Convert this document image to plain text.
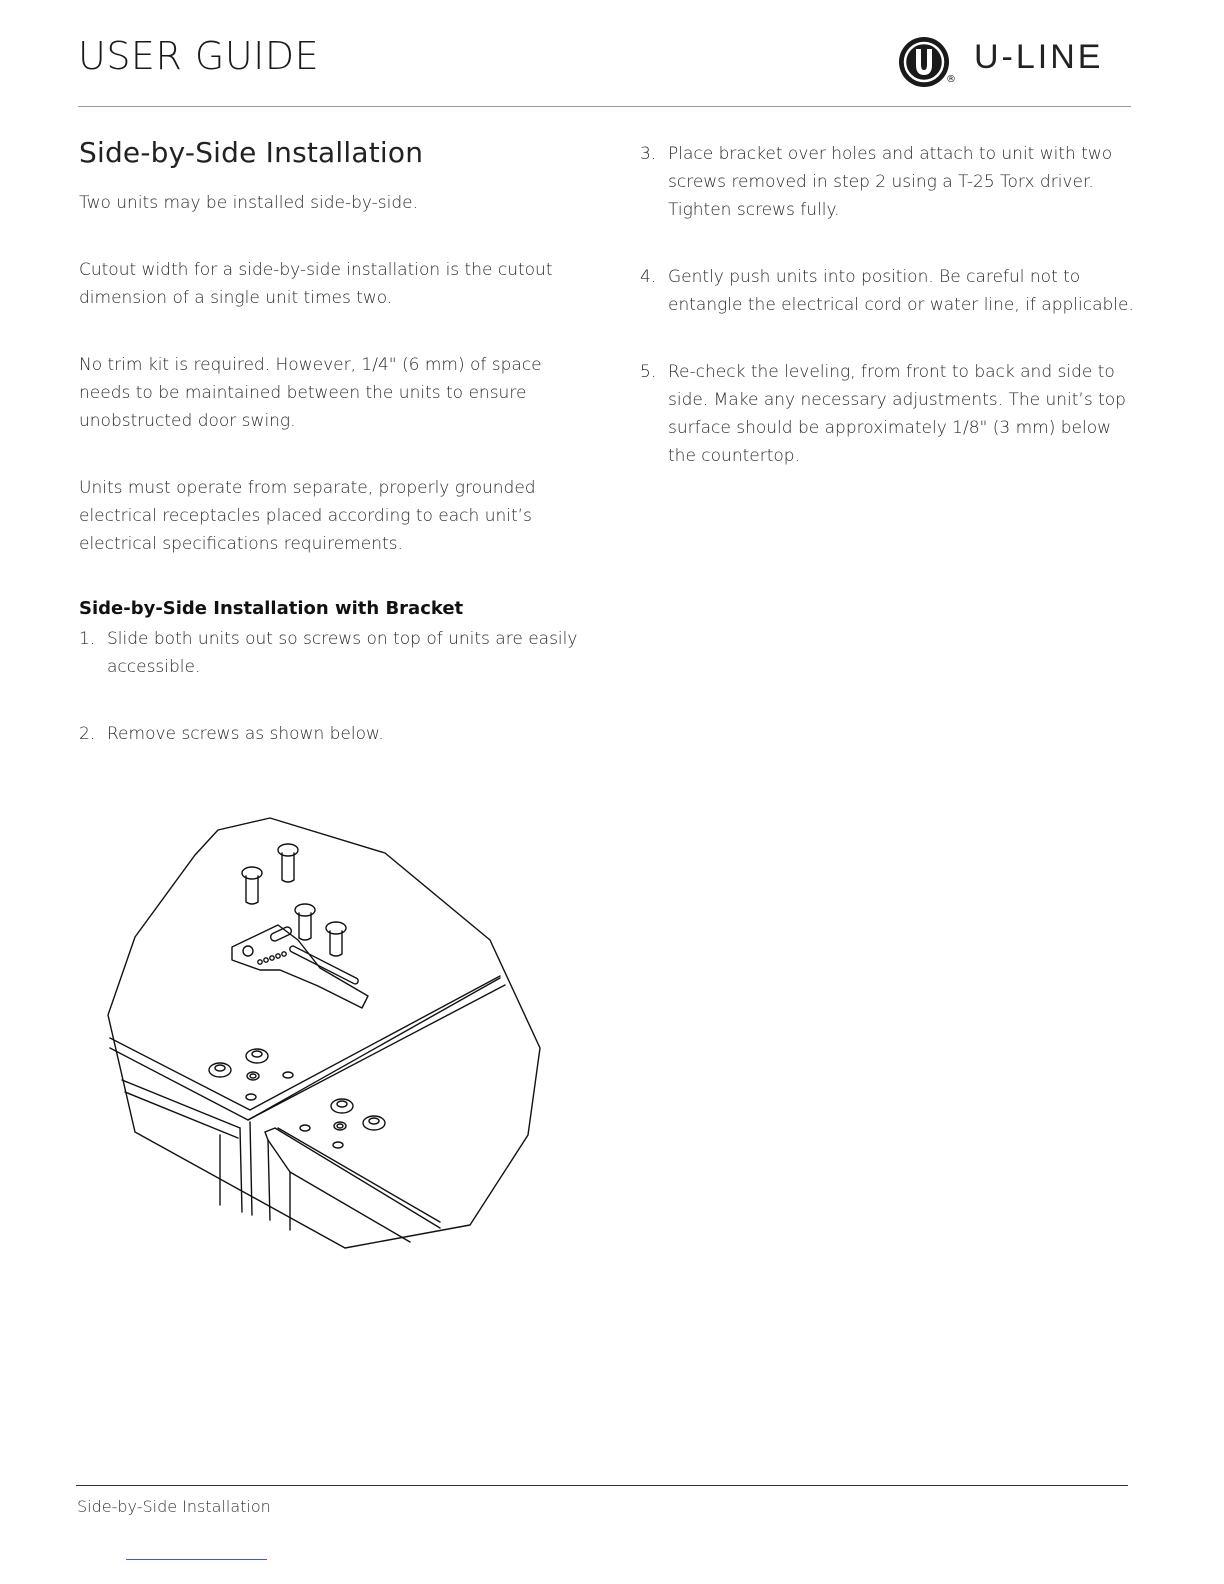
USER GUIDE
®
U-LINE
Side-by-Side Installation

Two units may be installed side-by-side.

Cutout width for a side-by-side installation is the cutout dimension of a single unit times two.

No trim kit is required. However, 1/4" (6 mm) of space needs to be maintained between the units to ensure unobstructed door swing.

Units must operate from separate, properly grounded electrical receptacles placed according to each unit’s electrical specifications requirements.

Side-by-Side Installation with Bracket
1. Slide both units out so screws on top of units are easily accessible.
2. Remove screws as shown below.
3. Place bracket over holes and attach to unit with two screws removed in step 2 using a T-25 Torx driver. Tighten screws fully.
4. Gently push units into position. Be careful not to entangle the electrical cord or water line, if applicable.
5. Re-check the leveling, from front to back and side to side. Make any necessary adjustments. The unit’s top surface should be approximately 1/8" (3 mm) below the countertop.
Side-by-Side Installation
